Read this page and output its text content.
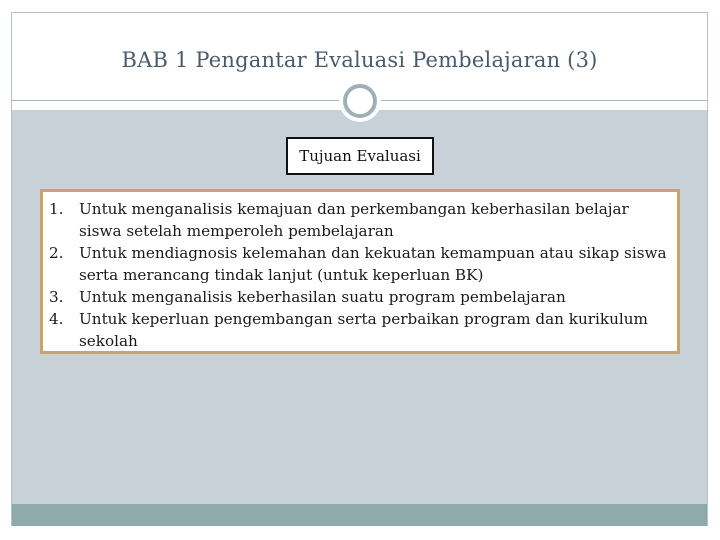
BAB 1 Pengantar Evaluasi Pembelajaran (3)
Tujuan Evaluasi
1. Untuk menganalisis kemajuan dan perkembangan keberhasilan belajar siswa setelah memperoleh pembelajaran
2. Untuk mendiagnosis kelemahan dan kekuatan kemampuan atau sikap siswa serta merancang tindak lanjut (untuk keperluan BK)
3. Untuk menganalisis keberhasilan suatu program pembelajaran
4. Untuk keperluan pengembangan serta perbaikan program dan kurikulum sekolah
